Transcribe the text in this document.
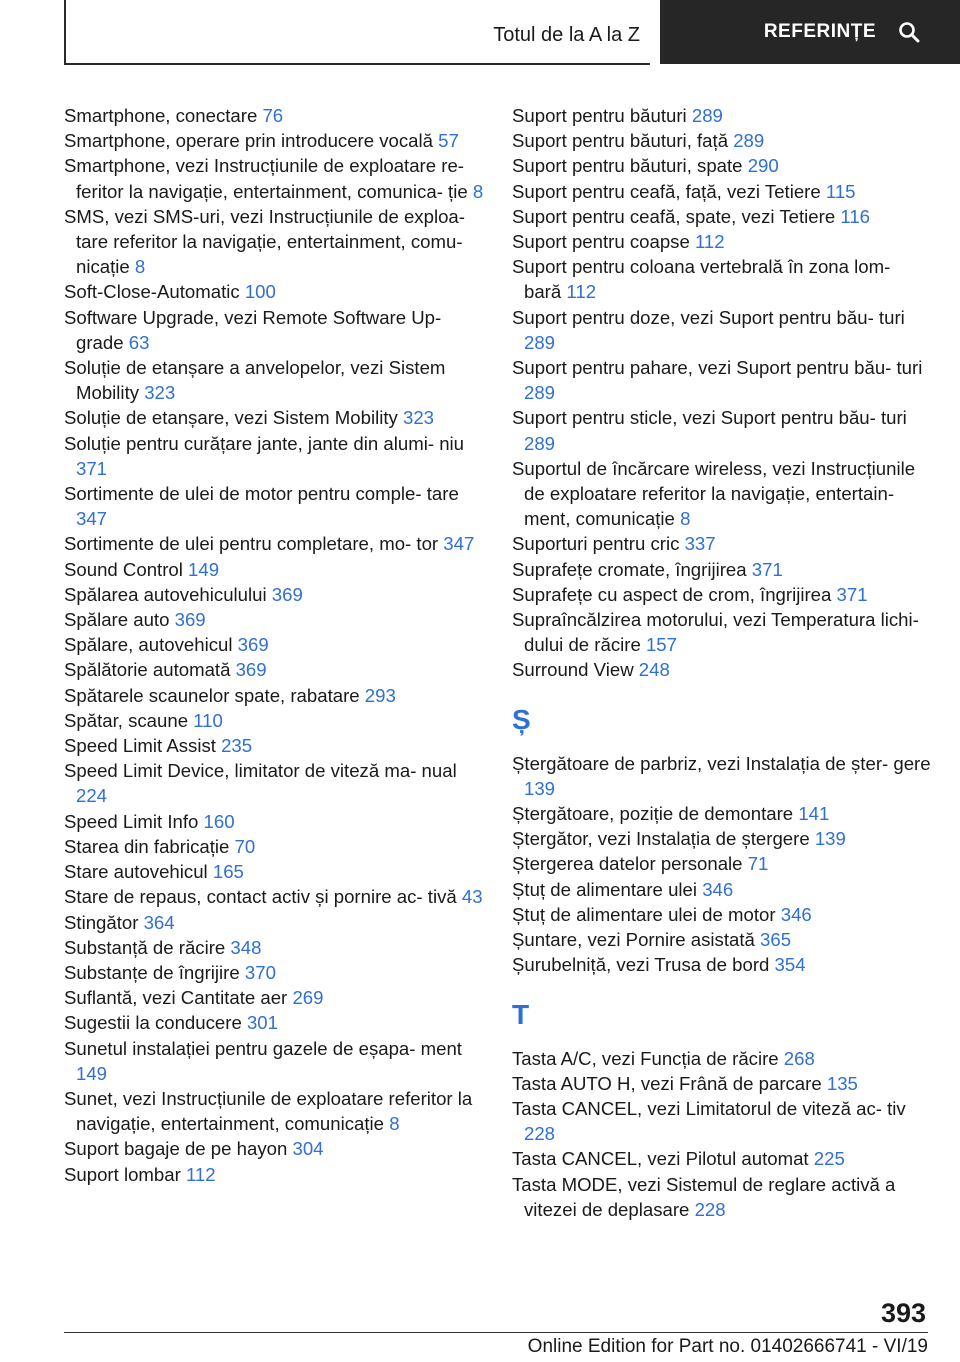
Totul de la A la Z	REFERINȚE
Smartphone, conectare 76
Smartphone, operare prin introducere vocală 57
Smartphone, vezi Instrucțiunile de exploatare re‐ feritor la navigație, entertainment, comunica‐ ție 8
SMS, vezi SMS-uri, vezi Instrucțiunile de exploa‐ tare referitor la navigație, entertainment, comu‐ nicație 8
Soft-Close-Automatic 100
Software Upgrade, vezi Remote Software Up‐ grade 63
Soluție de etanșare a anvelopelor, vezi Sistem Mobility 323
Soluție de etanșare, vezi Sistem Mobility 323
Soluție pentru curățare jante, jante din alumi‐ niu 371
Sortimente de ulei de motor pentru comple‐ tare 347
Sortimente de ulei pentru completare, mo‐ tor 347
Sound Control 149
Spălarea autovehiculului 369
Spălare auto 369
Spălare, autovehicul 369
Spălătorie automată 369
Spătarele scaunelor spate, rabatare 293
Spătar, scaune 110
Speed Limit Assist 235
Speed Limit Device, limitator de viteză ma‐ nual 224
Speed Limit Info 160
Starea din fabricație 70
Stare autovehicul 165
Stare de repaus, contact activ și pornire ac‐ tivă 43
Stingător 364
Substanță de răcire 348
Substanțe de îngrijire 370
Suflantă, vezi Cantitate aer 269
Sugestii la conducere 301
Sunetul instalației pentru gazele de eșapa‐ ment 149
Sunet, vezi Instrucțiunile de exploatare referitor la navigație, entertainment, comunicație 8
Suport bagaje de pe hayon 304
Suport lombar 112
Suport pentru băuturi 289
Suport pentru băuturi, față 289
Suport pentru băuturi, spate 290
Suport pentru ceafă, față, vezi Tetiere 115
Suport pentru ceafă, spate, vezi Tetiere 116
Suport pentru coapse 112
Suport pentru coloana vertebrală în zona lom‐ bară 112
Suport pentru doze, vezi Suport pentru bău‐ turi 289
Suport pentru pahare, vezi Suport pentru bău‐ turi 289
Suport pentru sticle, vezi Suport pentru bău‐ turi 289
Suportul de încărcare wireless, vezi Instrucțiunile de exploatare referitor la navigație, entertain‐ ment, comunicație 8
Suporturi pentru cric 337
Suprafețe cromate, îngrijirea 371
Suprafețe cu aspect de crom, îngrijirea 371
Supraîncălzirea motorului, vezi Temperatura lichi‐ dului de răcire 157
Surround View 248
Ș
Ștergătoare de parbriz, vezi Instalația de șter‐ gere 139
Ștergătoare, poziție de demontare 141
Ștergător, vezi Instalația de ștergere 139
Ștergerea datelor personale 71
Ștuț de alimentare ulei 346
Ștuț de alimentare ulei de motor 346
Șuntare, vezi Pornire asistată 365
Șurubelniță, vezi Trusa de bord 354
T
Tasta A/C, vezi Funcția de răcire 268
Tasta AUTO H, vezi Frână de parcare 135
Tasta CANCEL, vezi Limitatorul de viteză ac‐ tiv 228
Tasta CANCEL, vezi Pilotul automat 225
Tasta MODE, vezi Sistemul de reglare activă a vitezei de deplasare 228
393
Online Edition for Part no. 01402666741 - VI/19
